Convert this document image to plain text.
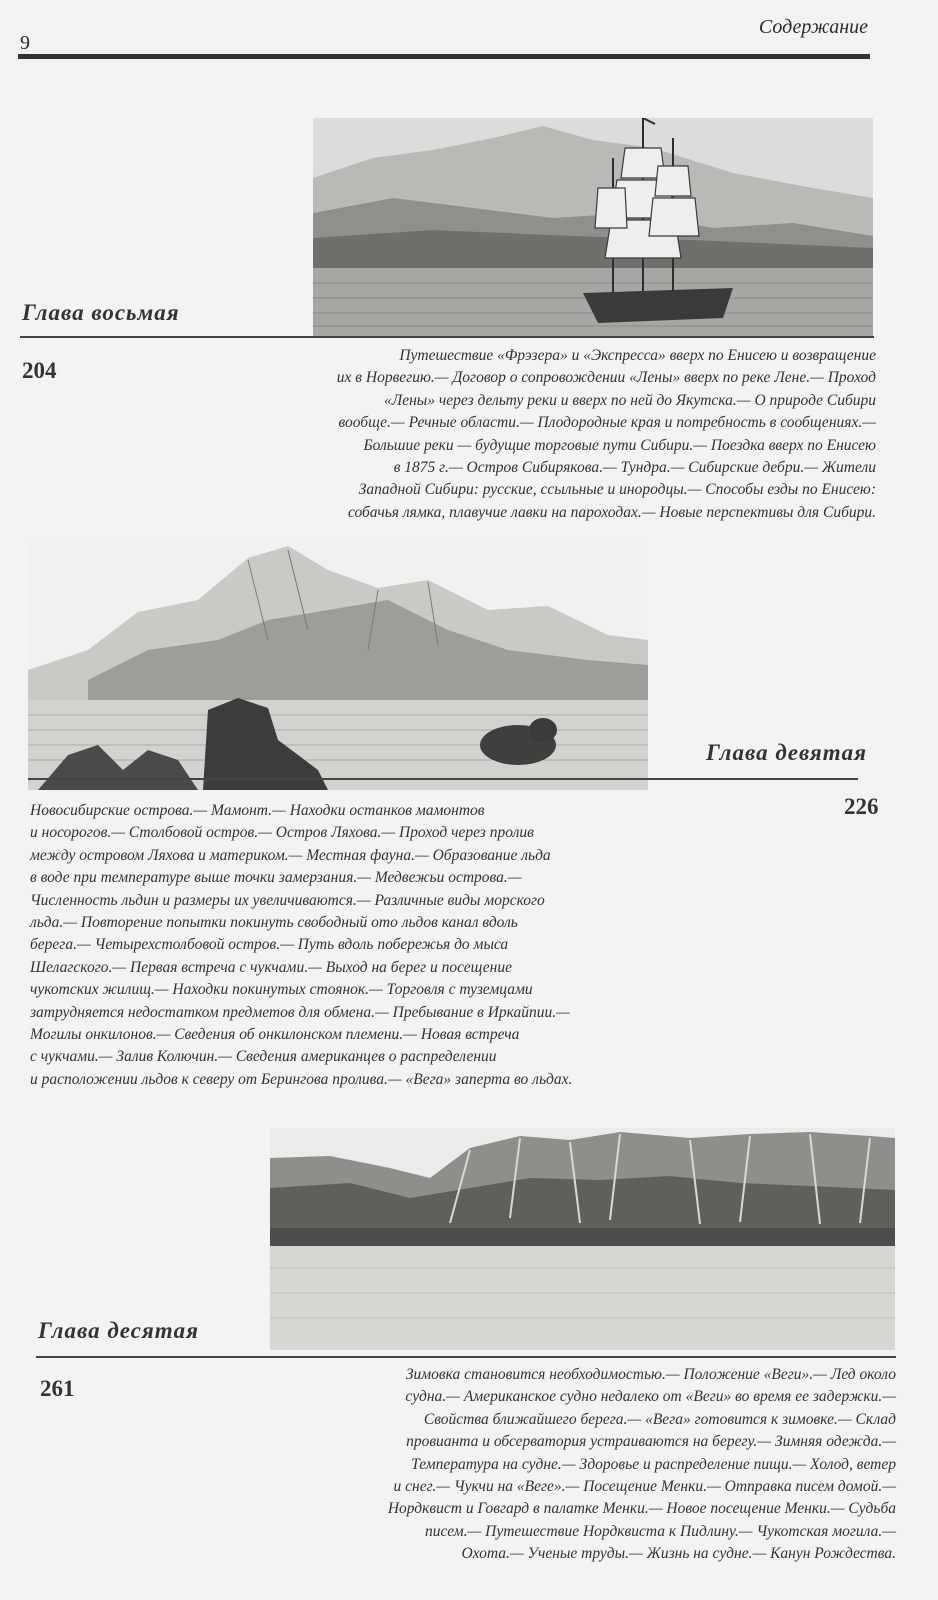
9
Содержание
Глава восьмая
204
Путешествие «Фрэзера» и «Экспресса» вверх по Енисею и возвращение
их в Норвегию.— Договор о сопровождении «Лены» вверх по реке Лене.— Проход
«Лены» через дельту реки и вверх по ней до Якутска.— О природе Сибири
вообще.— Речные области.— Плодородные края и потребность в сообщениях.—
Большие реки — будущие торговые пути Сибири.— Поездка вверх по Енисею
в 1875 г.— Остров Сибирякова.— Тундра.— Сибирские дебри.— Жители
Западной Сибири: русские, ссыльные и инородцы.— Способы езды по Енисею:
собачья лямка, плавучие лавки на пароходах.— Новые перспективы для Сибири.
Глава девятая
226
Новосибирские острова.— Мамонт.— Находки останков мамонтов
и носорогов.— Столбовой остров.— Остров Ляхова.— Проход через пролив
между островом Ляхова и материком.— Местная фауна.— Образование льда
в воде при температуре выше точки замерзания.— Медвежьи острова.—
Численность льдин и размеры их увеличиваются.— Различные виды морского
льда.— Повторение попытки покинуть свободный ото льдов канал вдоль
берега.— Четырехстолбовой остров.— Путь вдоль побережья до мыса
Шелагского.— Первая встреча с чукчами.— Выход на берег и посещение
чукотских жилищ.— Находки покинутых стоянок.— Торговля с туземцами
затрудняется недостатком предметов для обмена.— Пребывание в Иркайпии.—
Могилы онкилонов.— Сведения об онкилонском племени.— Новая встреча
с чукчами.— Залив Колючин.— Сведения американцев о распределении
и расположении льдов к северу от Берингова пролива.— «Вега» заперта во льдах.
Глава десятая
261
Зимовка становится необходимостью.— Положение «Веги».— Лед около
судна.— Американское судно недалеко от «Веги» во время ее задержки.—
Свойства ближайшего берега.— «Вега» готовится к зимовке.— Склад
провианта и обсерватория устраиваются на берегу.— Зимняя одежда.—
Температура на судне.— Здоровье и распределение пищи.— Холод, ветер
и снег.— Чукчи на «Веге».— Посещение Менки.— Отправка писем домой.—
Нордквист и Говгард в палатке Менки.— Новое посещение Менки.— Судьба
писем.— Путешествие Нордквиста к Пидлину.— Чукотская могила.—
Охота.— Ученые труды.— Жизнь на судне.— Канун Рождества.
